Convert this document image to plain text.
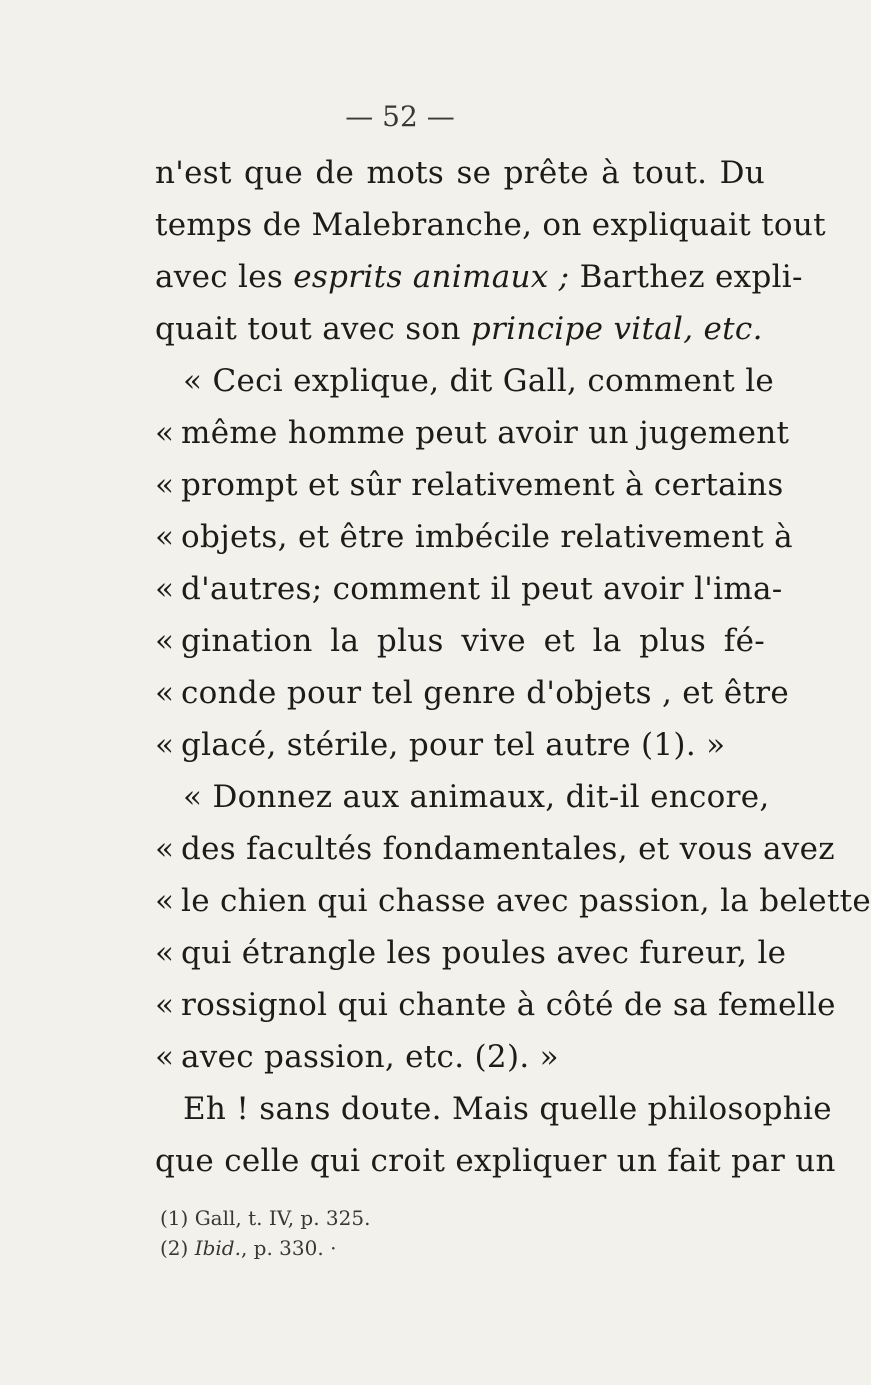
— 52 —
n'est que de mots se prête à tout. Du
temps de Malebranche, on expliquait tout
avec les esprits animaux ; Barthez expli-
quait tout avec son principe vital, etc.
« Ceci explique, dit Gall, comment le
« même homme peut avoir un jugement
« prompt et sûr relativement à certains
« objets, et être imbécile relativement à
« d'autres; comment il peut avoir l'ima-
« gination la plus vive et la plus fé-
« conde pour tel genre d'objets , et être
« glacé, stérile, pour tel autre (1). »
« Donnez aux animaux, dit-il encore,
« des facultés fondamentales, et vous avez
« le chien qui chasse avec passion, la belette
« qui étrangle les poules avec fureur, le
« rossignol qui chante à côté de sa femelle
« avec passion, etc. (2). »
Eh ! sans doute. Mais quelle philosophie
que celle qui croit expliquer un fait par un
(1) Gall, t. IV, p. 325.
(2) Ibid., p. 330. ·
